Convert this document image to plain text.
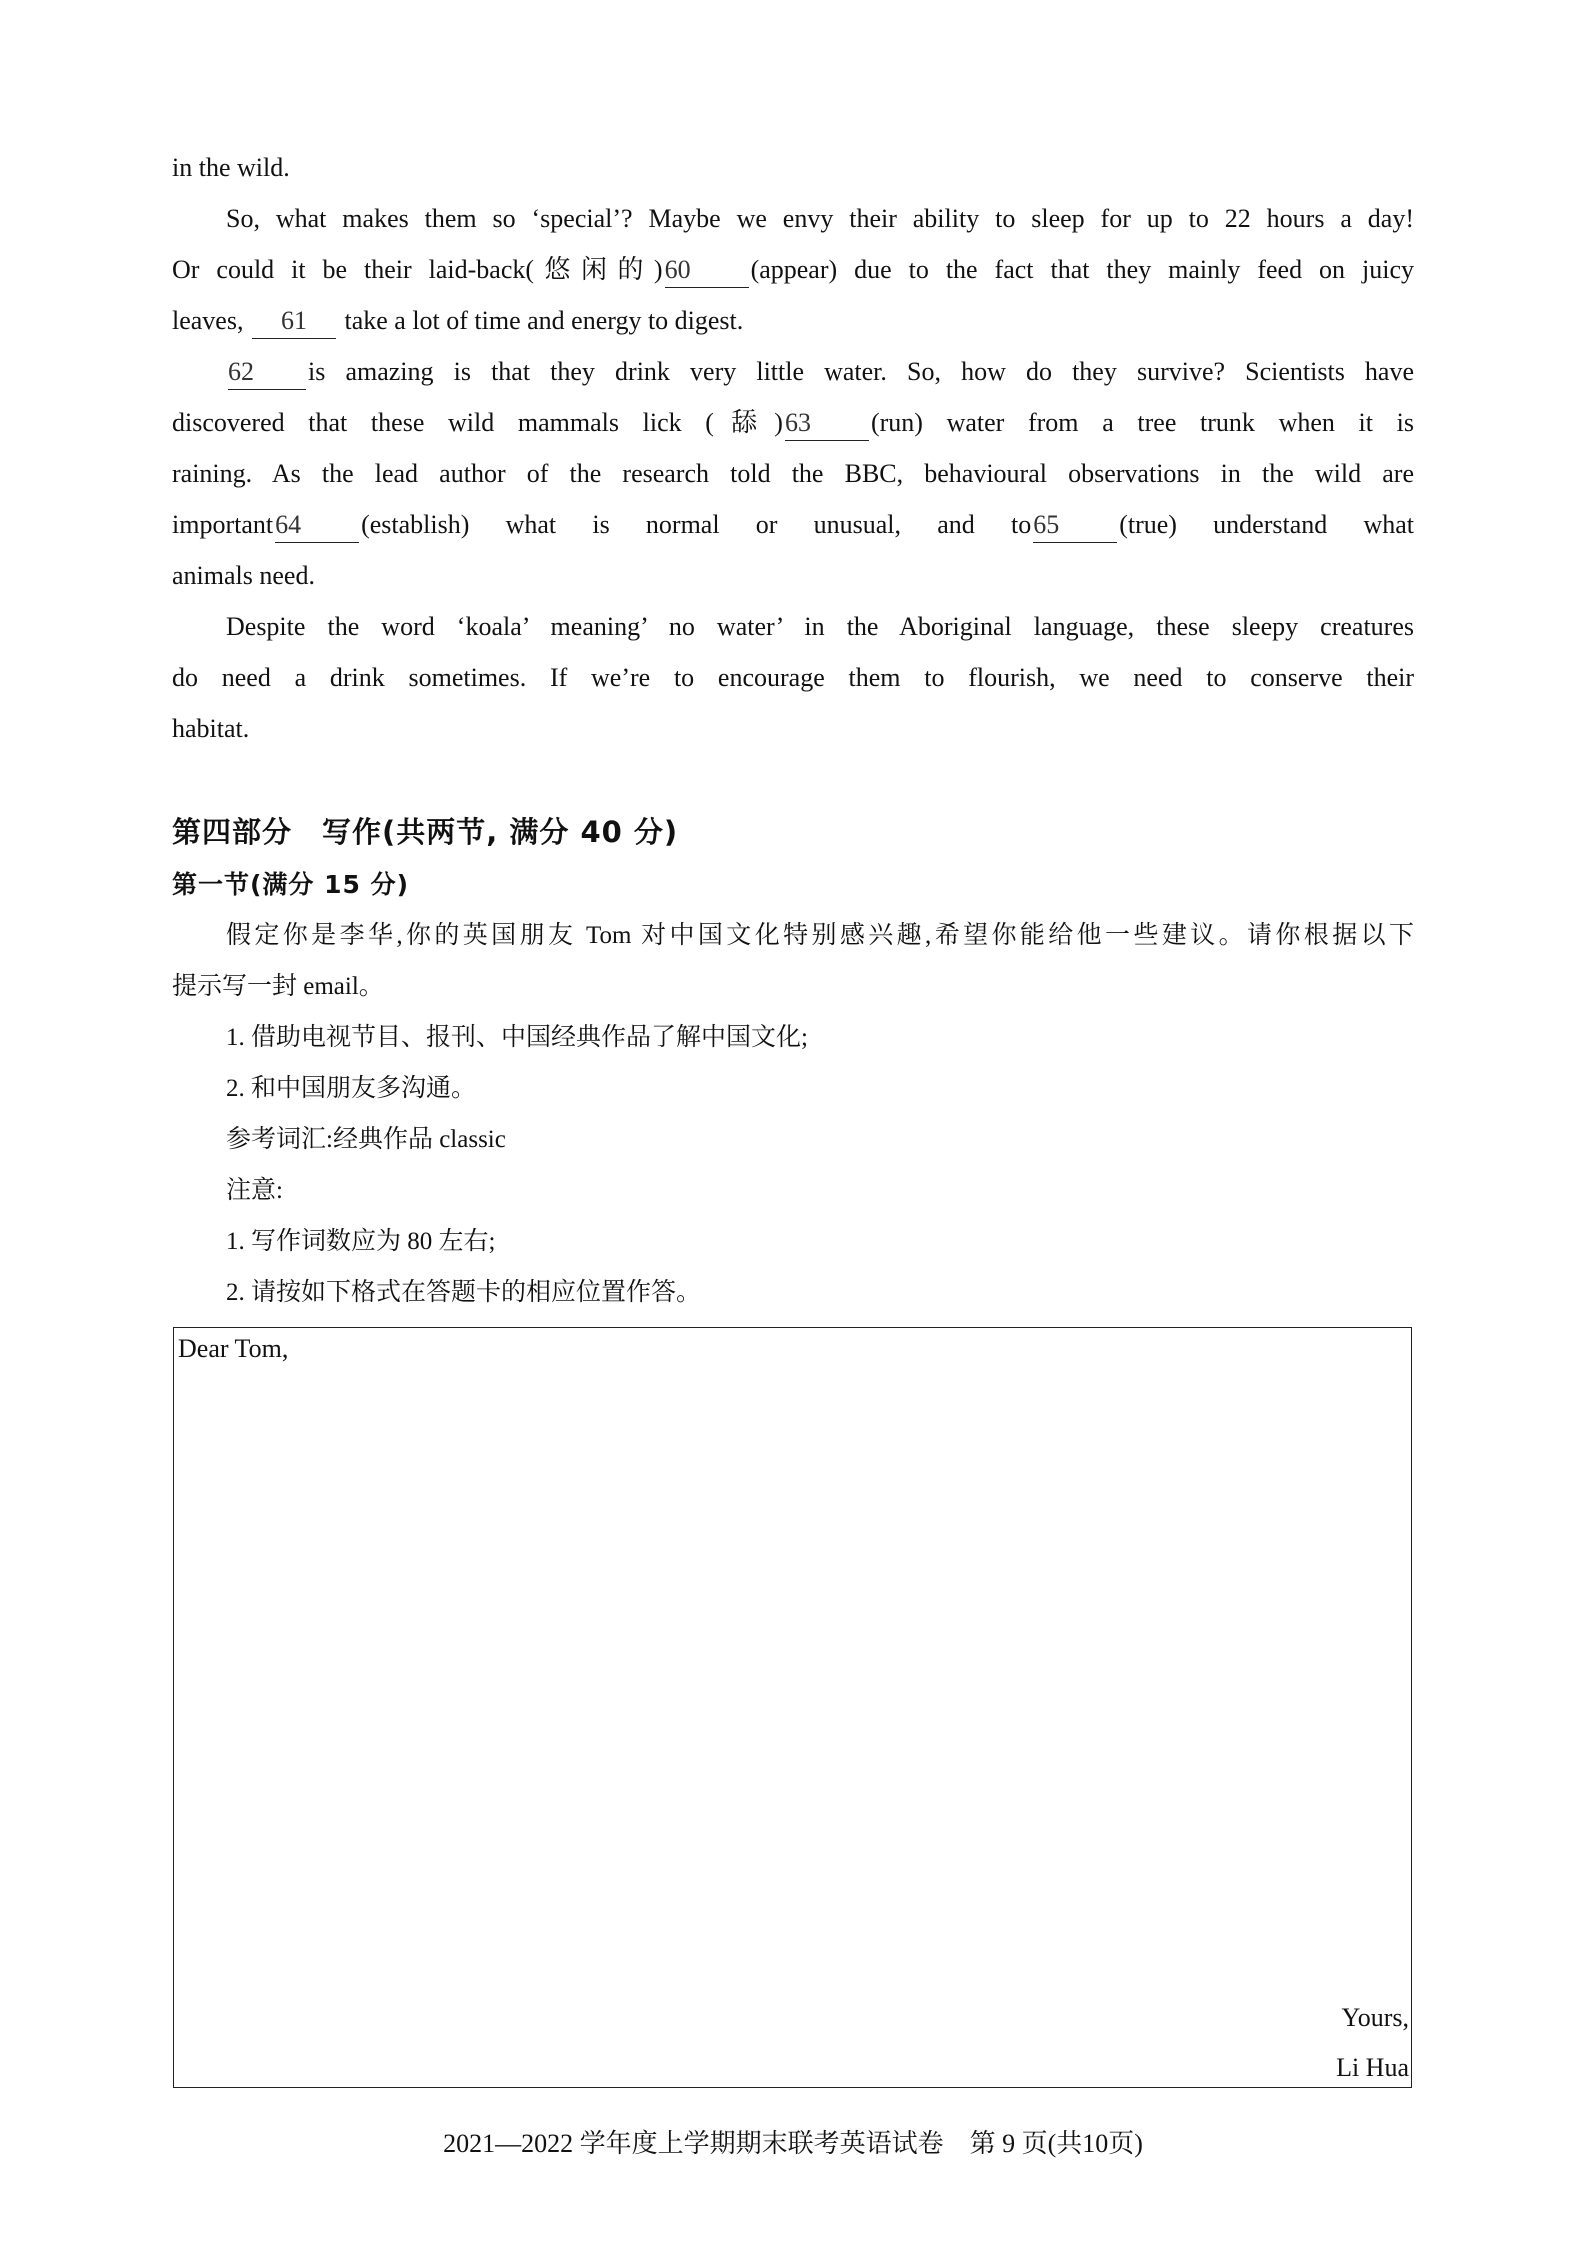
in the wild.
So, what makes them so ‘special’? Maybe we envy their ability to sleep for up to 22 hours a day!
Or could it be their laid-back(悠闲的)60 (appear) due to the fact that they mainly feed on juicy
leaves, 61 take a lot of time and energy to digest.
62 is amazing is that they drink very little water. So, how do they survive? Scientists have
discovered that these wild mammals lick (舔)63 (run) water from a tree trunk when it is
raining. As the lead author of the research told the BBC, behavioural observations in the wild are
important64 (establish) what is normal or unusual, and to65 (true) understand what
animals need.
Despite the word ‘koala’ meaning’ no water’ in the Aboriginal language, these sleepy creatures
do need a drink sometimes. If we’re to encourage them to flourish, we need to conserve their
habitat.
第四部分　写作(共两节, 满分 40 分)
第一节(满分 15 分)
假定你是李华,你的英国朋友 Tom 对中国文化特别感兴趣,希望你能给他一些建议。请你根据以下
提示写一封 email。
1. 借助电视节目、报刊、中国经典作品了解中国文化;
2. 和中国朋友多沟通。
参考词汇:经典作品 classic
注意:
1. 写作词数应为 80 左右;
2. 请按如下格式在答题卡的相应位置作答。
Dear Tom,
Yours,
Li Hua
2021—2022 学年度上学期期末联考英语试卷　第 9 页(共10页)
